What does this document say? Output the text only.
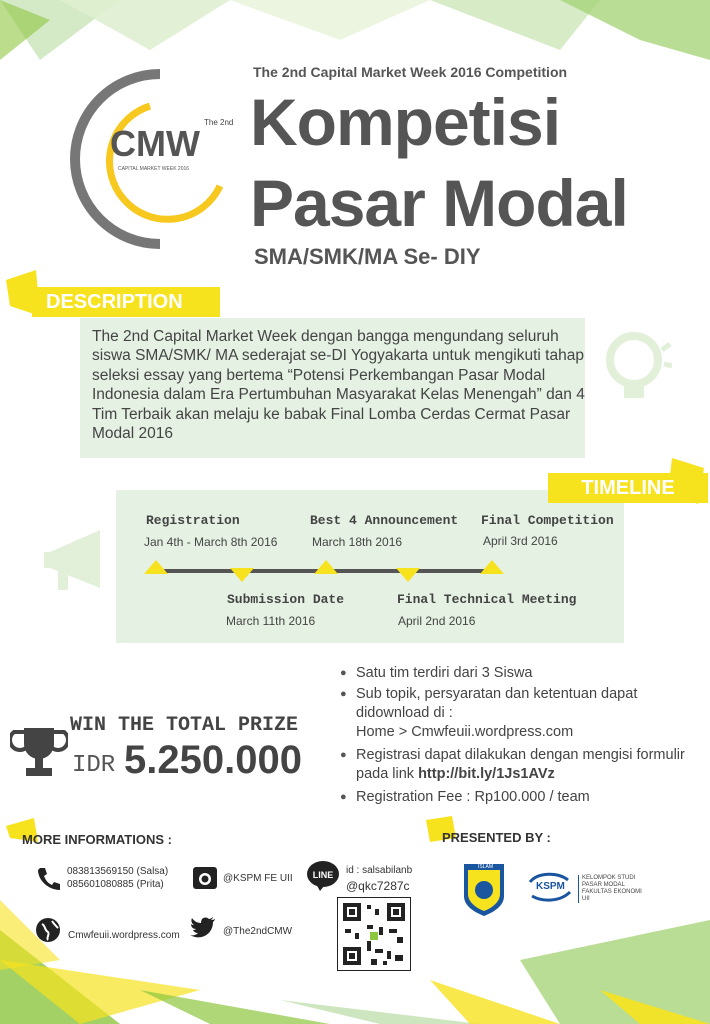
CMW
The 2nd
CAPITAL MARKET WEEK 2016
The 2nd Capital Market Week 2016 Competition
Kompetisi
Pasar Modal
SMA/SMK/MA Se- DIY
DESCRIPTION
The 2nd Capital Market Week dengan bangga mengundang seluruh siswa SMA/SMK/ MA sederajat se-DI Yogyakarta untuk mengikuti tahap seleksi essay yang bertema “Potensi Perkembangan Pasar Modal Indonesia dalam Era Pertumbuhan Masyarakat Kelas Menengah” dan 4 Tim Terbaik akan melaju ke babak Final Lomba Cerdas Cermat Pasar Modal 2016
TIMELINE
Registration
Jan 4th - March 8th 2016
Best 4 Announcement
March 18th 2016
Final Competition
April 3rd 2016
Submission Date
March 11th 2016
Final Technical Meeting
April 2nd 2016

● Satu tim terdiri dari 3 Siswa

● Sub topik, persyaratan dan ketentuan dapat didownload di :
Home > Cmwfeuii.wordpress.com

● Registrasi dapat dilakukan dengan mengisi formulir pada link http://bit.ly/1Js1AVz

● Registration Fee : Rp100.000 / team

WIN THE TOTAL PRIZE
IDR 5.250.000
MORE INFORMATIONS :
083813569150 (Salsa)
085601080885 (Prita)
@KSPM FE UII LINE id : salsabilanb
@qkc7287c
Cmwfeuii.wordpress.com	@The2ndCMW
PRESENTED BY :
ISLAM
KSPM
KELOMPOK STUDI PASAR MODAL FAKULTAS EKONOMI UII
